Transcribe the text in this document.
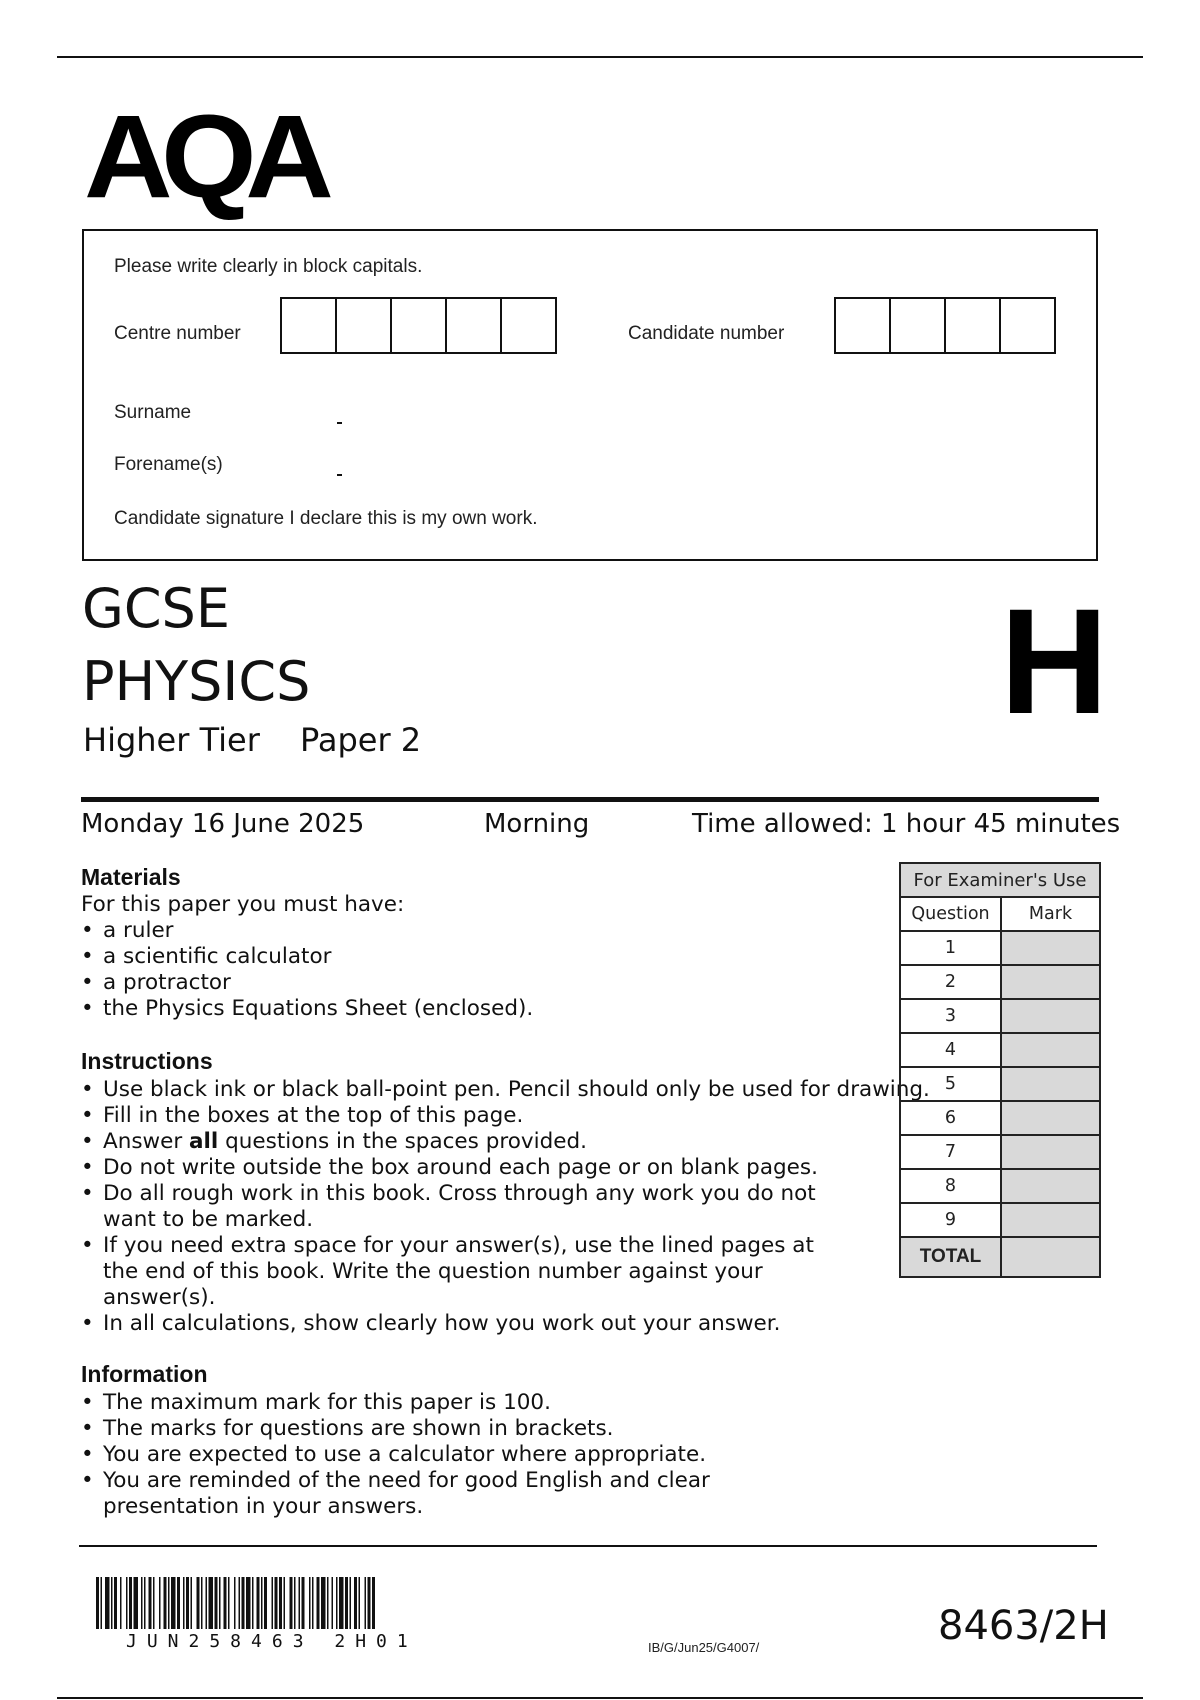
AQA
Please write clearly in block capitals.
Centre number	Candidate number
Surname
Forename(s)
Candidate signature I declare this is my own work.
GCSE
PHYSICS
Higher Tier Paper 2	H
Monday 16 June 2025	Morning	Time allowed: 1 hour 45 minutes
Materials
For this paper you must have:
• a ruler
• a scientific calculator
• a protractor
• the Physics Equations Sheet (enclosed).
Instructions
• Use black ink or black ball-point pen. Pencil should only be used for drawing.
• Fill in the boxes at the top of this page.
• Answer all questions in the spaces provided.
• Do not write outside the box around each page or on blank pages.
• Do all rough work in this book. Cross through any work you do not want to be marked.
• If you need extra space for your answer(s), use the lined pages at the end of this book. Write the question number against your answer(s).
• In all calculations, show clearly how you work out your answer.
Information
• The maximum mark for this paper is 100.
• The marks for questions are shown in brackets.
• You are expected to use a calculator where appropriate.
• You are reminded of the need for good English and clear presentation in your answers.
For Examiner's Use	
Question	Mark
1	
2	
3	
4	
5	
6	
7	
8	
9	
TOTAL	
JUN258463 2H01	IB/G/Jun25/G4007/	8463/2H
